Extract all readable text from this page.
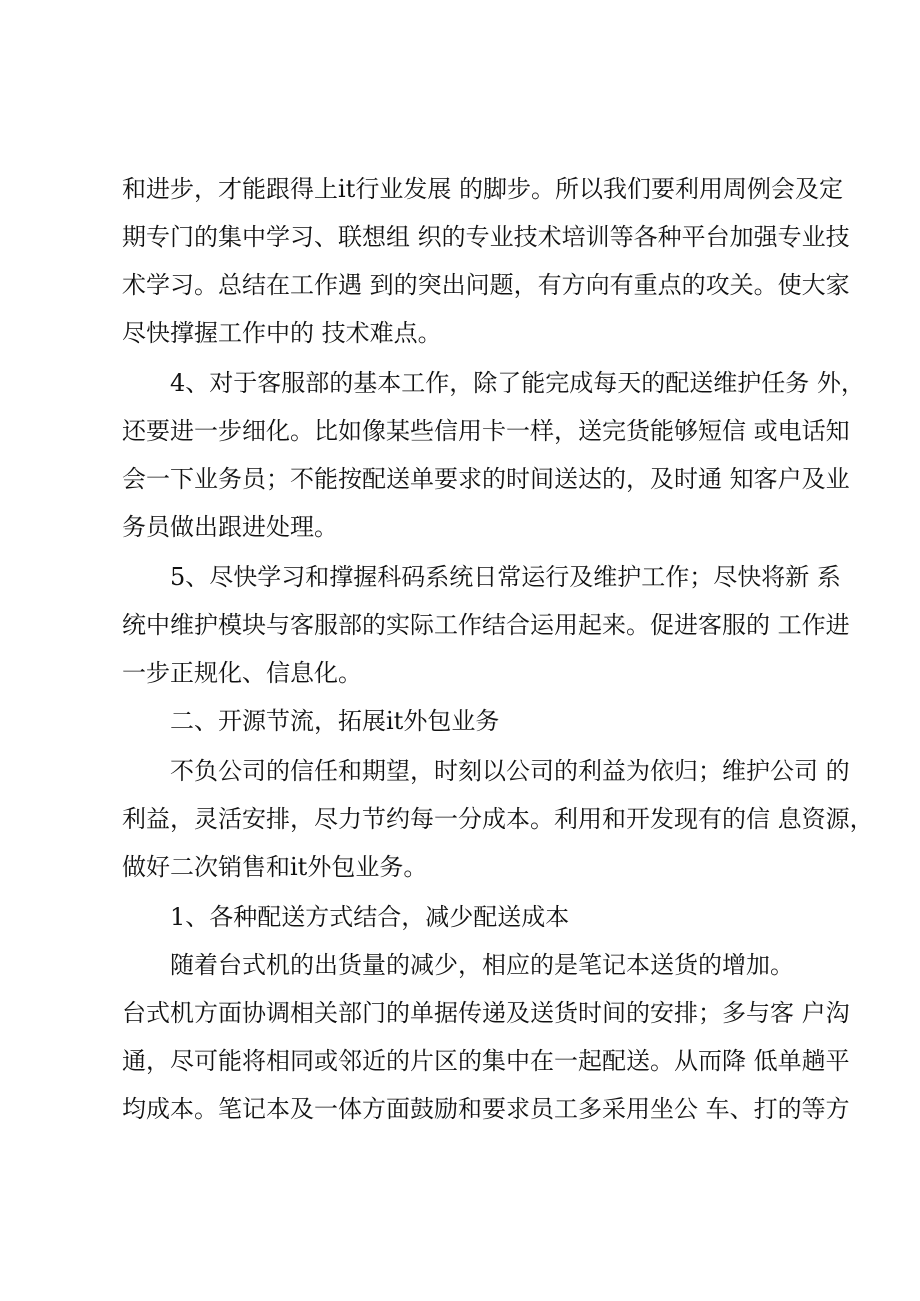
和进步，才能跟得上it行业发展 的脚步。所以我们要利用周例会及定
期专门的集中学习、联想组 织的专业技术培训等各种平台加强专业技
术学习。总结在工作遇 到的突出问题，有方向有重点的攻关。使大家
尽快撑握工作中的 技术难点。
4、对于客服部的基本工作，除了能完成每天的配送维护任务 外，
还要进一步细化。比如像某些信用卡一样，送完货能够短信 或电话知
会一下业务员；不能按配送单要求的时间送达的，及时通 知客户及业
务员做出跟进处理。
5、尽快学习和撑握科码系统日常运行及维护工作；尽快将新 系
统中维护模块与客服部的实际工作结合运用起来。促进客服的 工作进
一步正规化、信息化。
二、开源节流，拓展it外包业务
不负公司的信任和期望，时刻以公司的利益为依归；维护公司 的
利益，灵活安排，尽力节约每一分成本。利用和开发现有的信 息资源，
做好二次销售和it外包业务。
1、各种配送方式结合，减少配送成本
随着台式机的出货量的减少，相应的是笔记本送货的增加。
台式机方面协调相关部门的单据传递及送货时间的安排；多与客 户沟
通，尽可能将相同或邻近的片区的集中在一起配送。从而降 低单趟平
均成本。笔记本及一体方面鼓励和要求员工多采用坐公 车、打的等方
